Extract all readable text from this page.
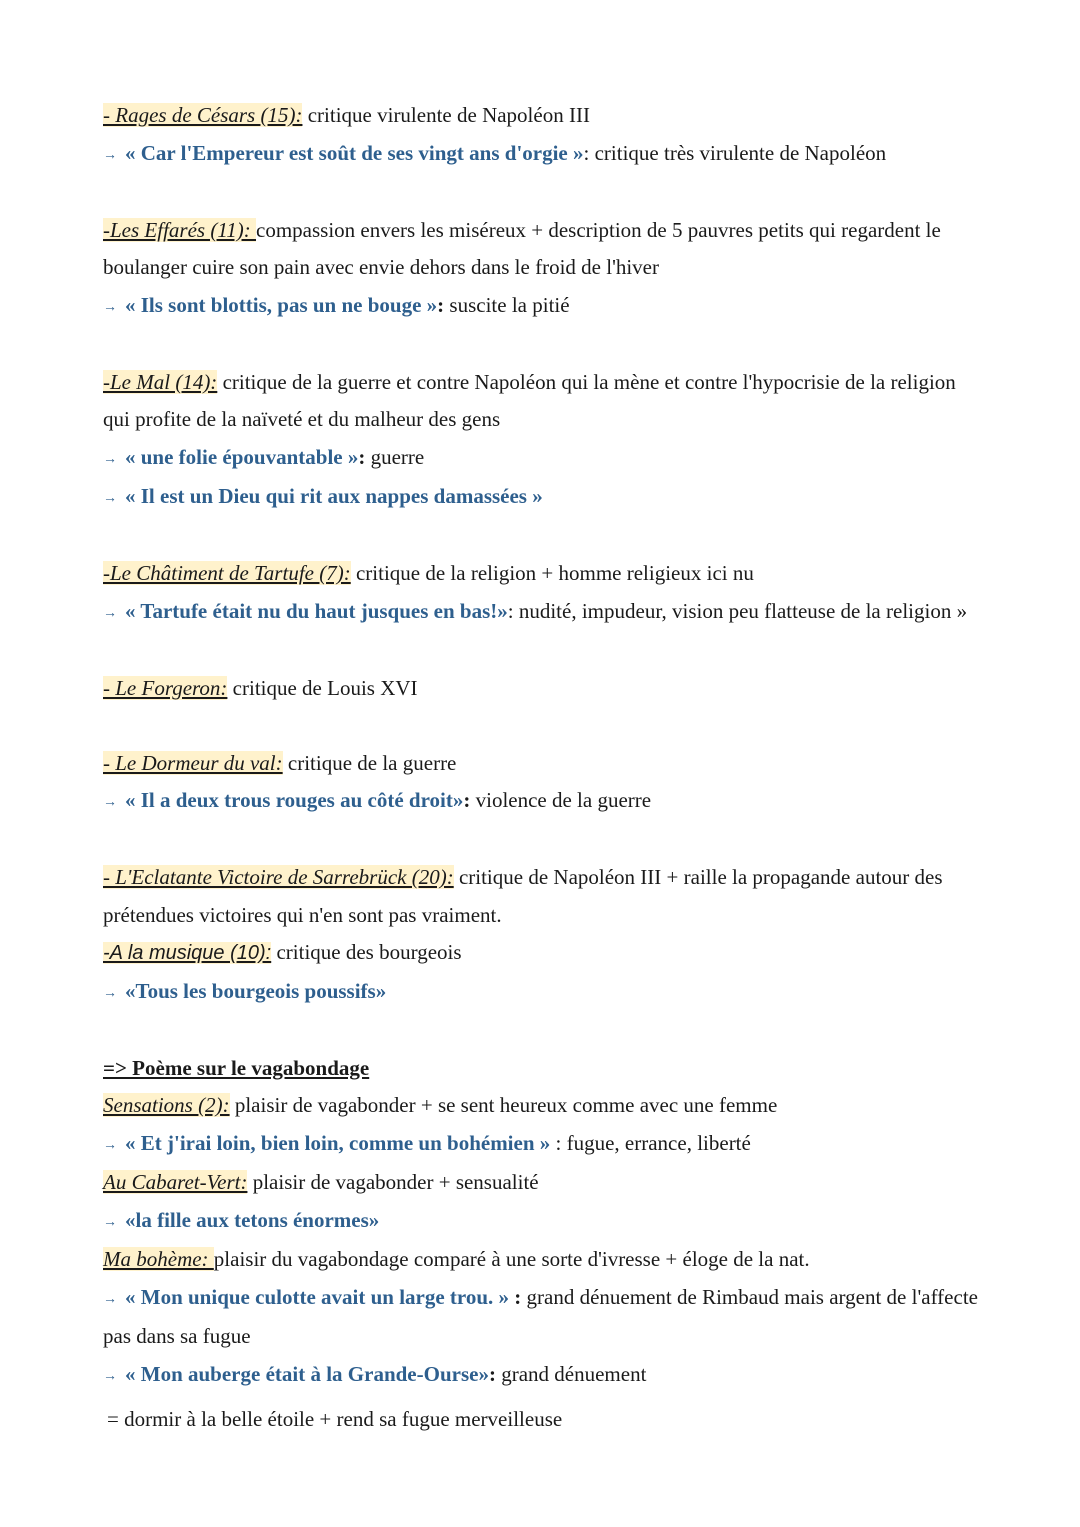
- Rages de Césars (15): critique virulente de Napoléon III
→ « Car l'Empereur est soût de ses vingt ans d'orgie »: critique très virulente de Napoléon
-Les Effarés (11): compassion envers les miséreux + description de 5 pauvres petits qui regardent le boulanger cuire son pain avec envie dehors dans le froid de l'hiver
→ « Ils sont blottis, pas un ne bouge »: suscite la pitié
-Le Mal (14): critique de la guerre et contre Napoléon qui la mène et contre l'hypocrisie de la religion qui profite de la naïveté et du malheur des gens
→ « une folie épouvantable »: guerre
→ « Il est un Dieu qui rit aux nappes damassées »
-Le Châtiment de Tartufe (7): critique de la religion + homme religieux ici nu
→ « Tartufe était nu du haut jusques en bas!»: nudité, impudeur, vision peu flatteuse de la religion »
- Le Forgeron: critique de Louis XVI
- Le Dormeur du val: critique de la guerre
→ « Il a deux trous rouges au côté droit»: violence de la guerre
- L'Eclatante Victoire de Sarrebrück (20): critique de Napoléon III + raille la propagande autour des prétendues victoires qui n'en sont pas vraiment.
-A la musique (10): critique des bourgeois
→ «Tous les bourgeois poussifs»
=> Poème sur le vagabondage
Sensations (2): plaisir de vagabonder + se sent heureux comme avec une femme
→ « Et j'irai loin, bien loin, comme un bohémien » : fugue, errance, liberté
Au Cabaret-Vert: plaisir de vagabonder + sensualité
→ «la fille aux tetons énormes»
Ma bohème: plaisir du vagabondage comparé à une sorte d'ivresse + éloge de la nat.
→ « Mon unique culotte avait un large trou. » : grand dénuement de Rimbaud mais argent de l'affecte pas dans sa fugue
→ « Mon auberge était à la Grande-Ourse»: grand dénuement
= dormir à la belle étoile + rend sa fugue merveilleuse
